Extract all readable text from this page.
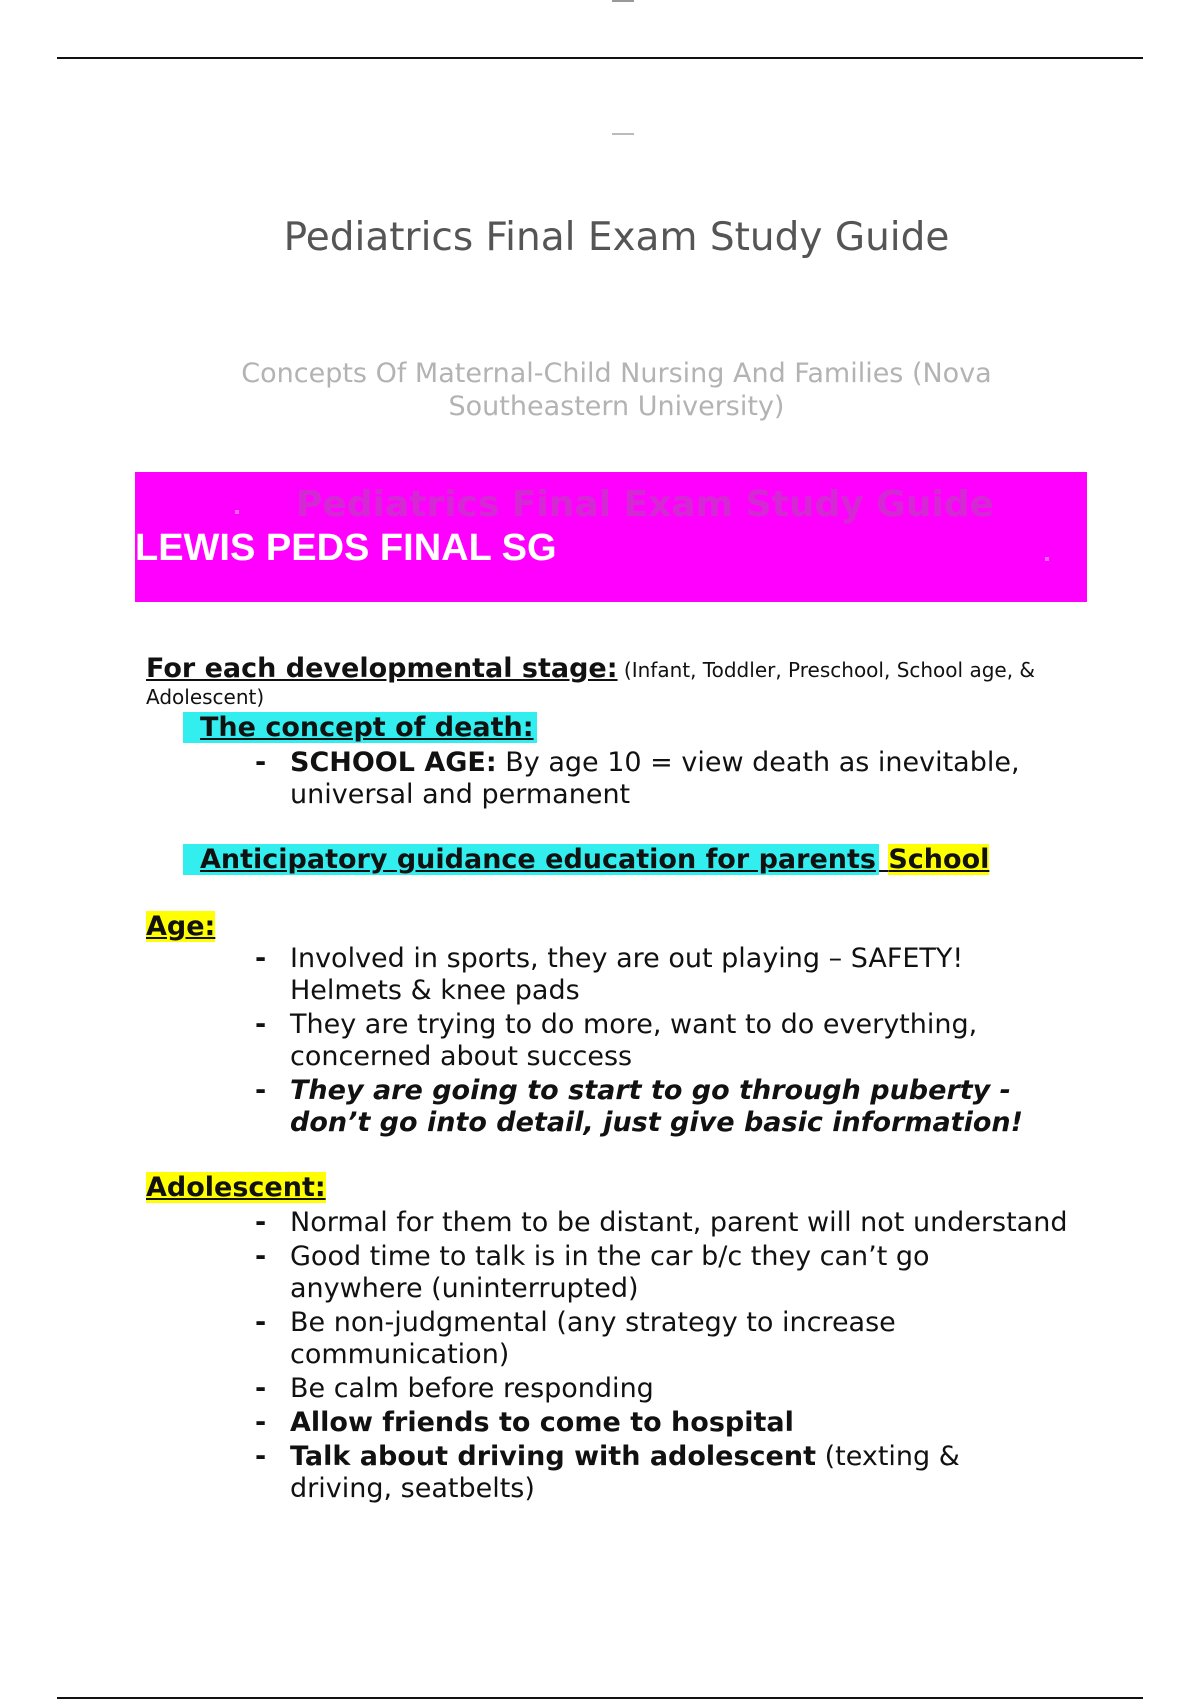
Pediatrics Final Exam Study Guide
Concepts Of Maternal-Child Nursing And Families (Nova
Southeastern University)
Pediatrics Final Exam Study Guide
LEWIS PEDS FINAL SG
For each developmental stage: (Infant, Toddler, Preschool, School age, & Adolescent)
The concept of death:
- SCHOOL AGE: By age 10 = view death as inevitable, universal and permanent
Anticipatory guidance education for parents School
Age:
- Involved in sports, they are out playing – SAFETY! Helmets & knee pads
- They are trying to do more, want to do everything, concerned about success
- They are going to start to go through puberty - don’t go into detail, just give basic information!
Adolescent:
- Normal for them to be distant, parent will not understand
- Good time to talk is in the car b/c they can’t go anywhere (uninterrupted)
- Be non-judgmental (any strategy to increase communication)
- Be calm before responding
- Allow friends to come to hospital
- Talk about driving with adolescent (texting & driving, seatbelts)
